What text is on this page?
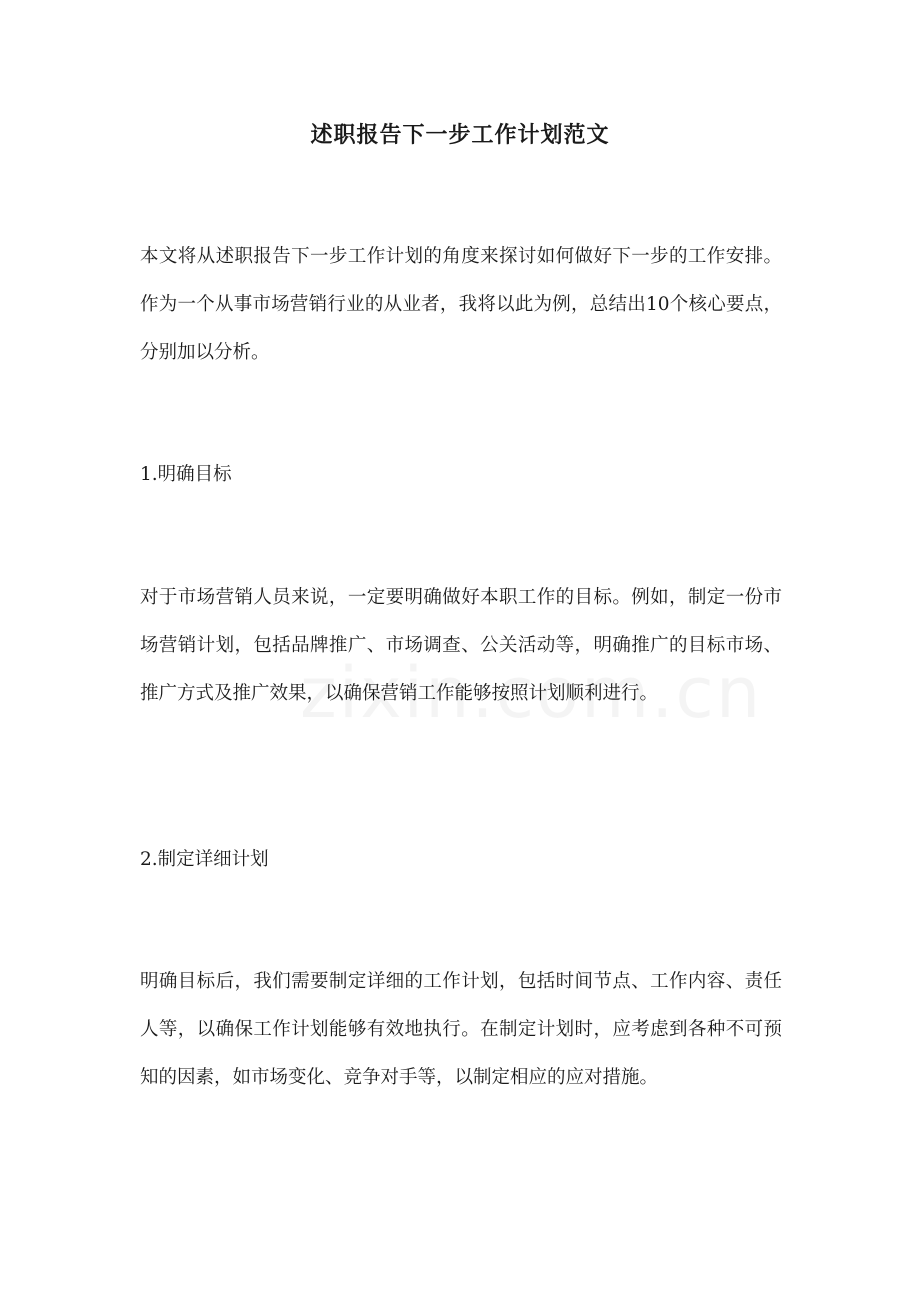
述职报告下一步工作计划范文

本文将从述职报告下一步工作计划的角度来探讨如何做好下一步的工作安排。作为一个从事市场营销行业的从业者，我将以此为例，总结出10个核心要点，分别加以分析。

1.明确目标

对于市场营销人员来说，一定要明确做好本职工作的目标。例如，制定一份市场营销计划，包括品牌推广、市场调查、公关活动等，明确推广的目标市场、推广方式及推广效果，以确保营销工作能够按照计划顺利进行。

2.制定详细计划

明确目标后，我们需要制定详细的工作计划，包括时间节点、工作内容、责任人等，以确保工作计划能够有效地执行。在制定计划时，应考虑到各种不可预知的因素，如市场变化、竞争对手等，以制定相应的应对措施。
